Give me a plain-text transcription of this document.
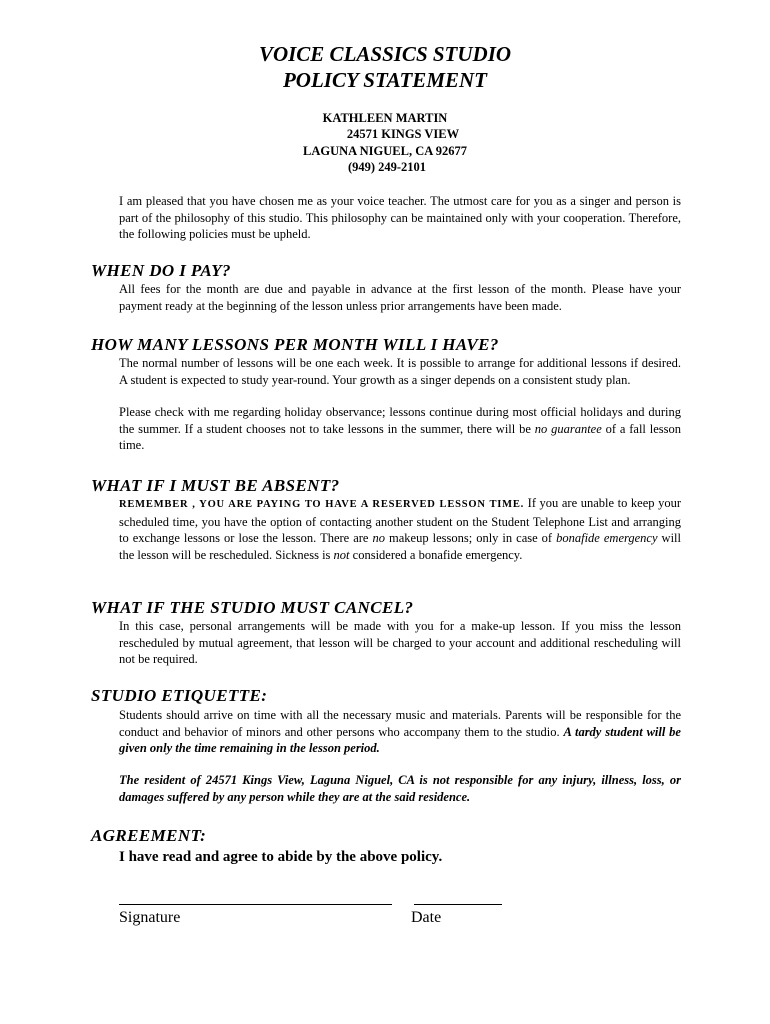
VOICE CLASSICS STUDIO
POLICY STATEMENT
KATHLEEN MARTIN
24571 KINGS VIEW
LAGUNA NIGUEL, CA 92677
(949) 249-2101

I am pleased that you have chosen me as your voice teacher. The utmost care for you as a singer and person is part of the philosophy of this studio. This philosophy can be maintained only with your cooperation. Therefore, the following policies must be upheld.

WHEN DO I PAY?

All fees for the month are due and payable in advance at the first lesson of the month. Please have your payment ready at the beginning of the lesson unless prior arrangements have been made.

HOW MANY LESSONS PER MONTH WILL I HAVE?

The normal number of lessons will be one each week. It is possible to arrange for additional lessons if desired. A student is expected to study year-round. Your growth as a singer depends on a consistent study plan.

Please check with me regarding holiday observance; lessons continue during most official holidays and during the summer. If a student chooses not to take lessons in the summer, there will be no guarantee of a fall lesson time.

WHAT IF I MUST BE ABSENT?

REMEMBER , YOU ARE PAYING TO HAVE A RESERVED LESSON TIME. If you are unable to keep your scheduled time, you have the option of contacting another student on the Student Telephone List and arranging to exchange lessons or lose the lesson. There are no makeup lessons; only in case of bonafide emergency will the lesson will be rescheduled. Sickness is not considered a bonafide emergency.

WHAT IF THE STUDIO MUST CANCEL?

In this case, personal arrangements will be made with you for a make-up lesson. If you miss the lesson rescheduled by mutual agreement, that lesson will be charged to your account and additional rescheduling will not be required.

STUDIO ETIQUETTE:

Students should arrive on time with all the necessary music and materials. Parents will be responsible for the conduct and behavior of minors and other persons who accompany them to the studio. A tardy student will be given only the time remaining in the lesson period.

The resident of 24571 Kings View, Laguna Niguel, CA is not responsible for any injury, illness, loss, or damages suffered by any person while they are at the said residence.

AGREEMENT:
I have read and agree to abide by the above policy.
Signature	Date
